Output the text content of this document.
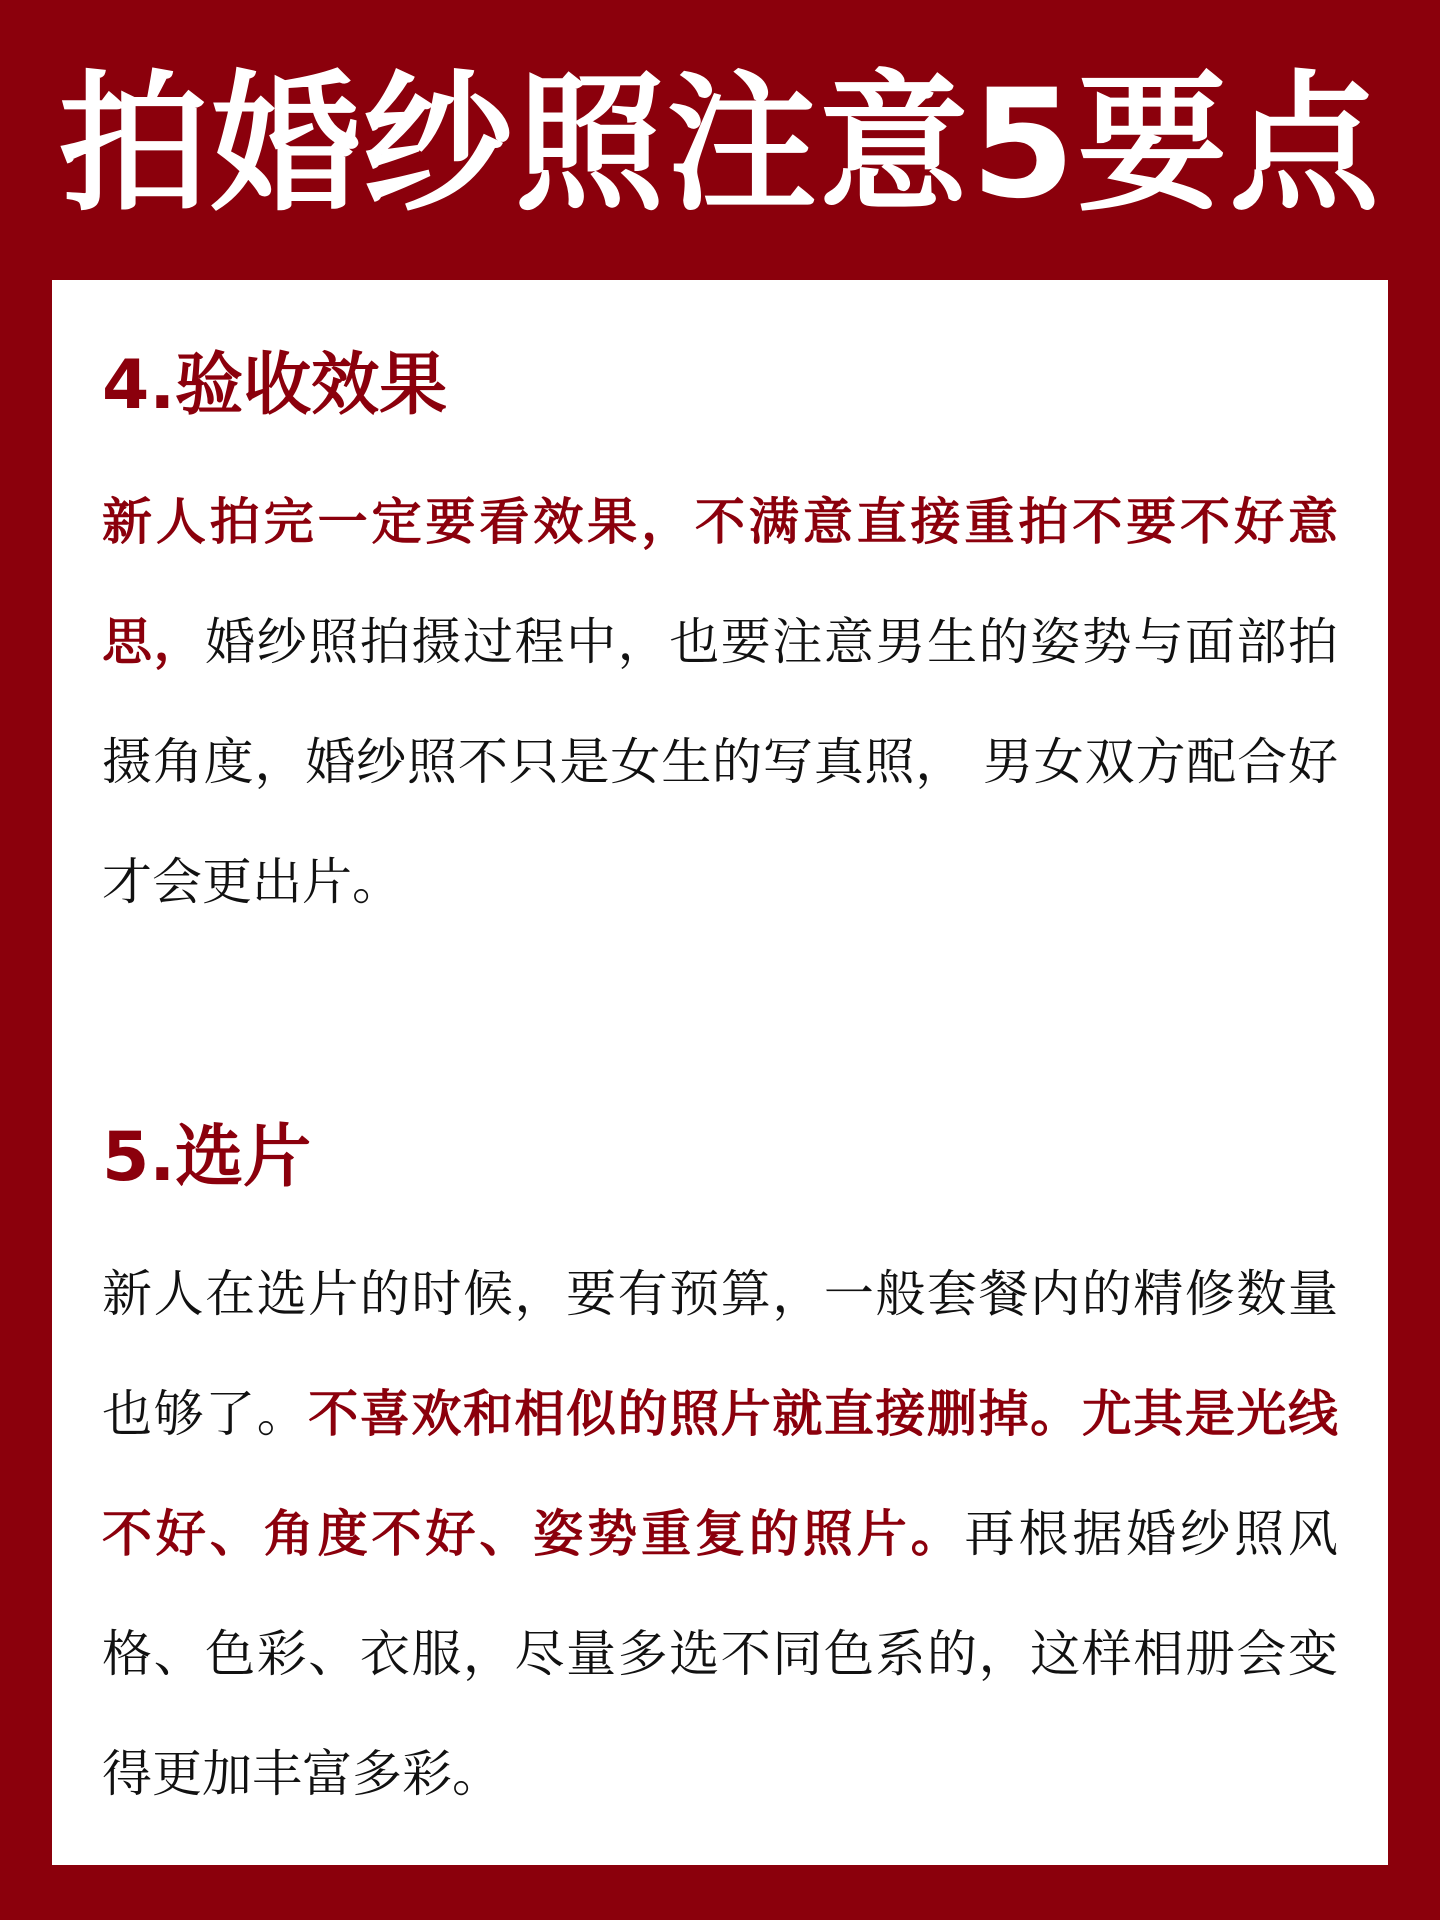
拍婚纱照注意5要点
4.验收效果

新人拍完一定要看效果，不满意直接重拍不要不好意思，婚纱照拍摄过程中，也要注意男生的姿势与面部拍摄角度，婚纱照不只是女生的写真照， 男女双方配合好才会更出片。

5.选片

新人在选片的时候，要有预算，一般套餐内的精修数量也够了。不喜欢和相似的照片就直接删掉。尤其是光线不好、角度不好、姿势重复的照片。再根据婚纱照风格、色彩、衣服，尽量多选不同色系的，这样相册会变得更加丰富多彩。
